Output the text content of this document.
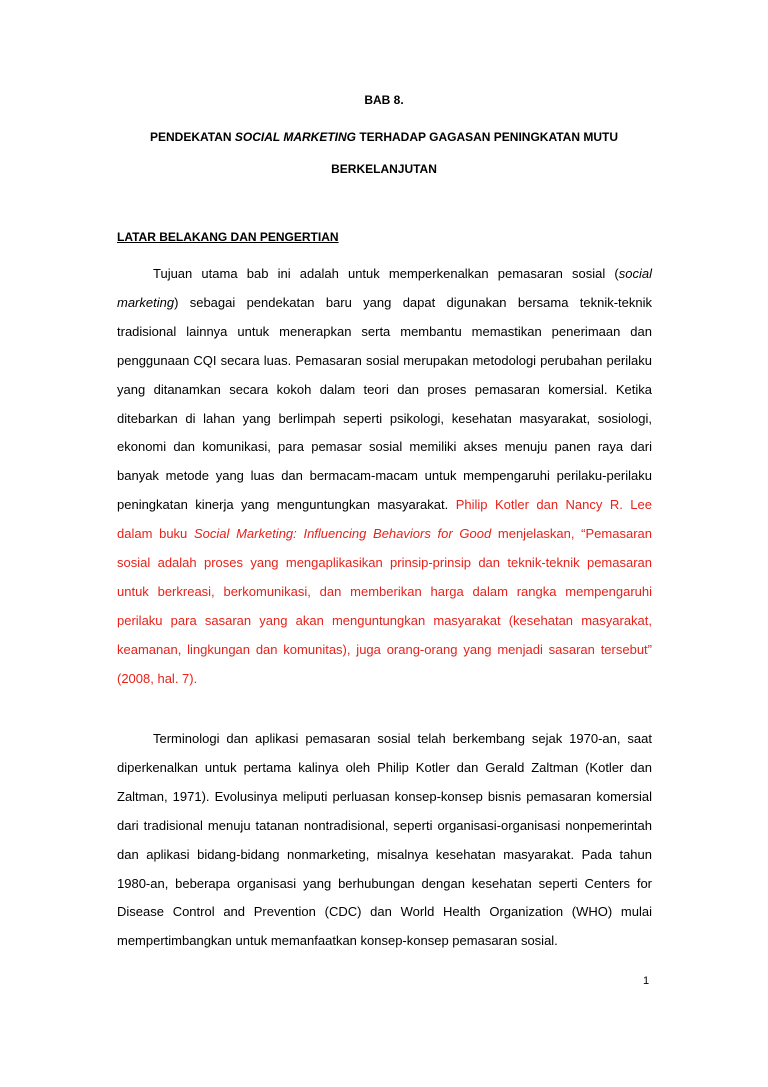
BAB 8.
PENDEKATAN SOCIAL MARKETING TERHADAP GAGASAN PENINGKATAN MUTU
BERKELANJUTAN
LATAR BELAKANG DAN PENGERTIAN

Tujuan utama bab ini adalah untuk memperkenalkan pemasaran sosial (social marketing) sebagai pendekatan baru yang dapat digunakan bersama teknik-teknik tradisional lainnya untuk menerapkan serta membantu memastikan penerimaan dan penggunaan CQI secara luas. Pemasaran sosial merupakan metodologi perubahan perilaku yang ditanamkan secara kokoh dalam teori dan proses pemasaran komersial. Ketika ditebarkan di lahan yang berlimpah seperti psikologi, kesehatan masyarakat, sosiologi, ekonomi dan komunikasi, para pemasar sosial memiliki akses menuju panen raya dari banyak metode yang luas dan bermacam-macam untuk mempengaruhi perilaku-perilaku peningkatan kinerja yang menguntungkan masyarakat. Philip Kotler dan Nancy R. Lee dalam buku Social Marketing: Influencing Behaviors for Good menjelaskan, “Pemasaran sosial adalah proses yang mengaplikasikan prinsip-prinsip dan teknik-teknik pemasaran untuk berkreasi, berkomunikasi, dan memberikan harga dalam rangka mempengaruhi perilaku para sasaran yang akan menguntungkan masyarakat (kesehatan masyarakat, keamanan, lingkungan dan komunitas), juga orang-orang yang menjadi sasaran tersebut” (2008, hal. 7).

Terminologi dan aplikasi pemasaran sosial telah berkembang sejak 1970-an, saat diperkenalkan untuk pertama kalinya oleh Philip Kotler dan Gerald Zaltman (Kotler dan Zaltman, 1971). Evolusinya meliputi perluasan konsep-konsep bisnis pemasaran komersial dari tradisional menuju tatanan nontradisional, seperti organisasi-organisasi nonpemerintah dan aplikasi bidang-bidang nonmarketing, misalnya kesehatan masyarakat. Pada tahun 1980-an, beberapa organisasi yang berhubungan dengan kesehatan seperti Centers for Disease Control and Prevention (CDC) dan World Health Organization (WHO) mulai mempertimbangkan untuk memanfaatkan konsep-konsep pemasaran sosial.

1
